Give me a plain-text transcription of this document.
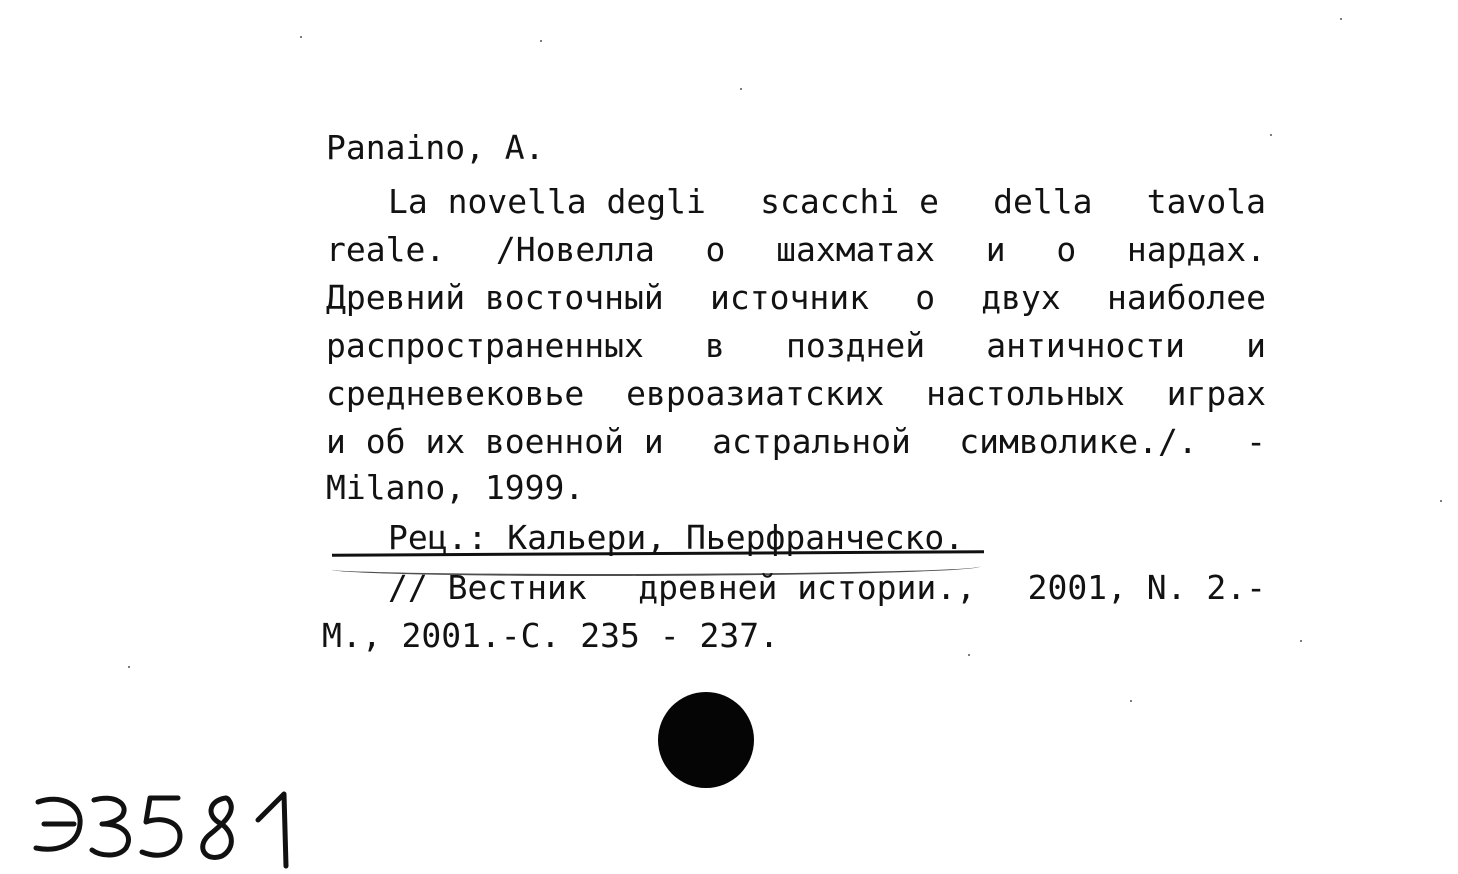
Panaino, A.
La novella degli scacchi e della tavola
reale. /Новелла о шахматах и о нардах.
Древний восточный источник о двух наиболее
распространенных в поздней античности и
средневековье евроазиатских настольных играх
и об их военной и астральной символике./. -
Milano, 1999.
Рец.: Кальери, Пьерфранческо.
// Вестник древней истории., 2001, N. 2.-
М., 2001.-С. 235 - 237.
